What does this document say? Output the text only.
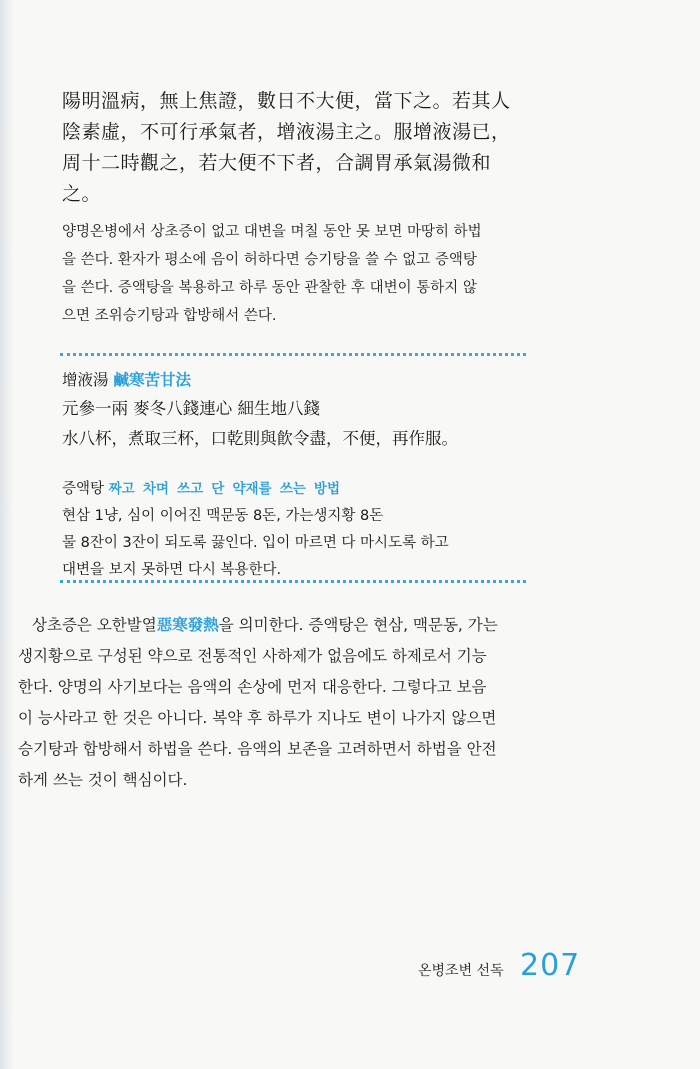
陽明溫病，無上焦證，數日不大便，當下之。若其人

陰素虛，不可行承氣者，增液湯主之。服增液湯已，

周十二時觀之，若大便不下者，合調胃承氣湯微和

之。

양명온병에서 상초증이 없고 대변을 며칠 동안 못 보면 마땅히 하법

을 쓴다. 환자가 평소에 음이 허하다면 승기탕을 쓸 수 없고 증액탕

을 쓴다. 증액탕을 복용하고 하루 동안 관찰한 후 대변이 통하지 않

으면 조위승기탕과 합방해서 쓴다.

增液湯 鹹寒苦甘法

元參一兩 麥冬八錢連心 細生地八錢

水八杯，煮取三杯，口乾則與飮令盡，不便，再作服。

증액탕 짜고 차며 쓰고 단 약재를 쓰는 방법

현삼 1냥, 심이 이어진 맥문동 8돈, 가는생지황 8돈

물 8잔이 3잔이 되도록 끓인다. 입이 마르면 다 마시도록 하고

대변을 보지 못하면 다시 복용한다.

상초증은 오한발열惡寒發熱을 의미한다. 증액탕은 현삼, 맥문동, 가는

생지황으로 구성된 약으로 전통적인 사하제가 없음에도 하제로서 기능

한다. 양명의 사기보다는 음액의 손상에 먼저 대응한다. 그렇다고 보음

이 능사라고 한 것은 아니다. 복약 후 하루가 지나도 변이 나가지 않으면

승기탕과 합방해서 하법을 쓴다. 음액의 보존을 고려하면서 하법을 안전

하게 쓰는 것이 핵심이다.

온병조변 선독 207
